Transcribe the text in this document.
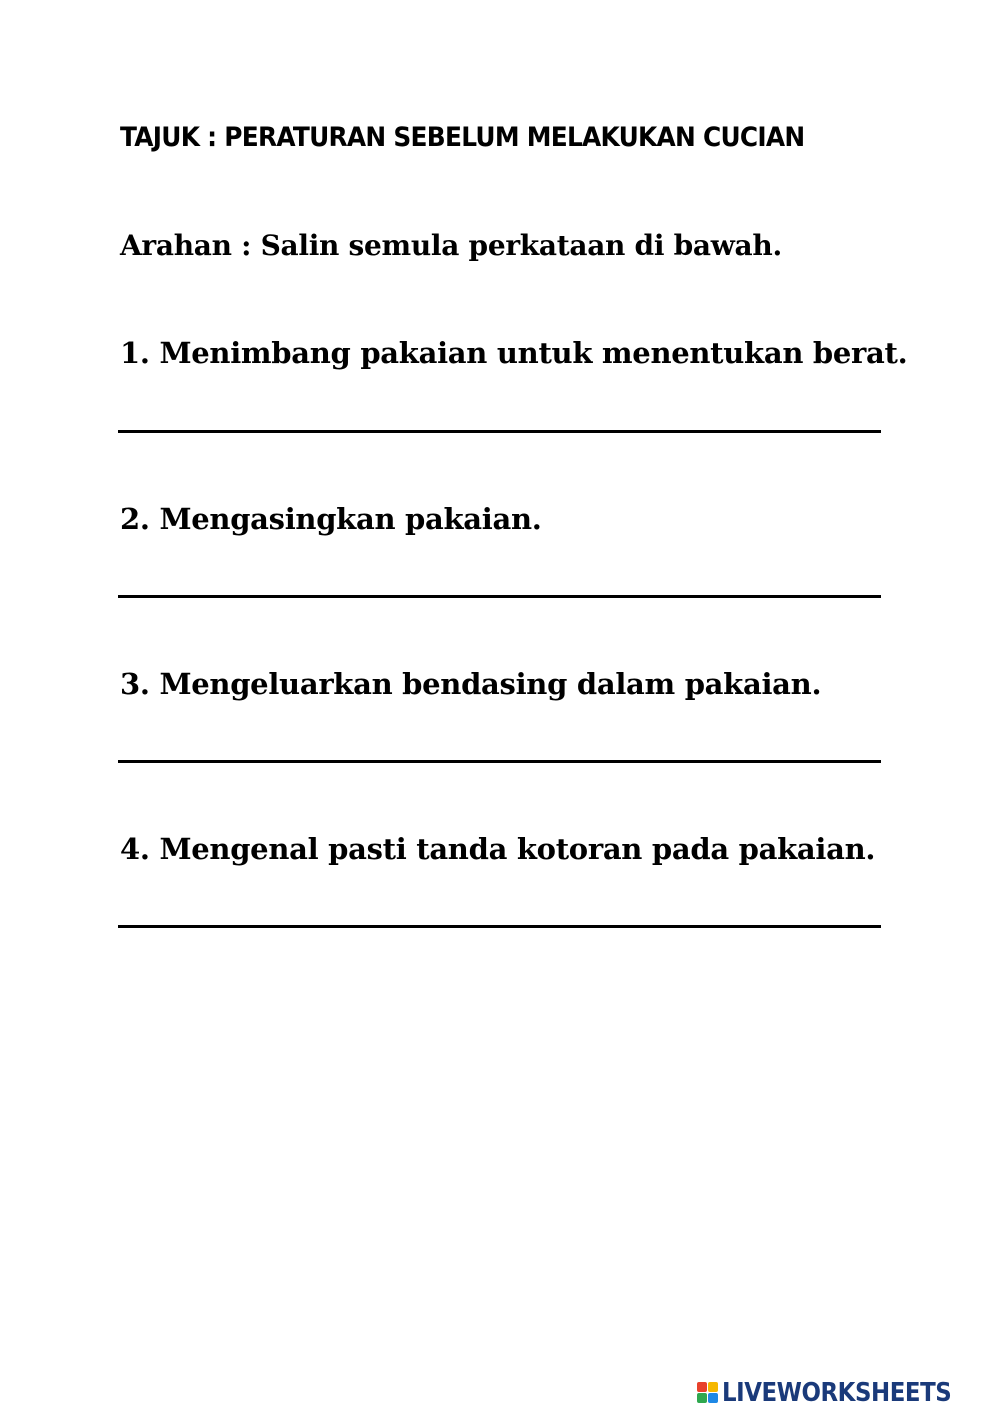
TAJUK : PERATURAN SEBELUM MELAKUKAN CUCIAN
Arahan : Salin semula perkataan di bawah.
1. Menimbang pakaian untuk menentukan berat.
2. Mengasingkan pakaian.
3. Mengeluarkan bendasing dalam pakaian.
4. Mengenal pasti tanda kotoran pada pakaian.
LIVEWORKSHEETS
